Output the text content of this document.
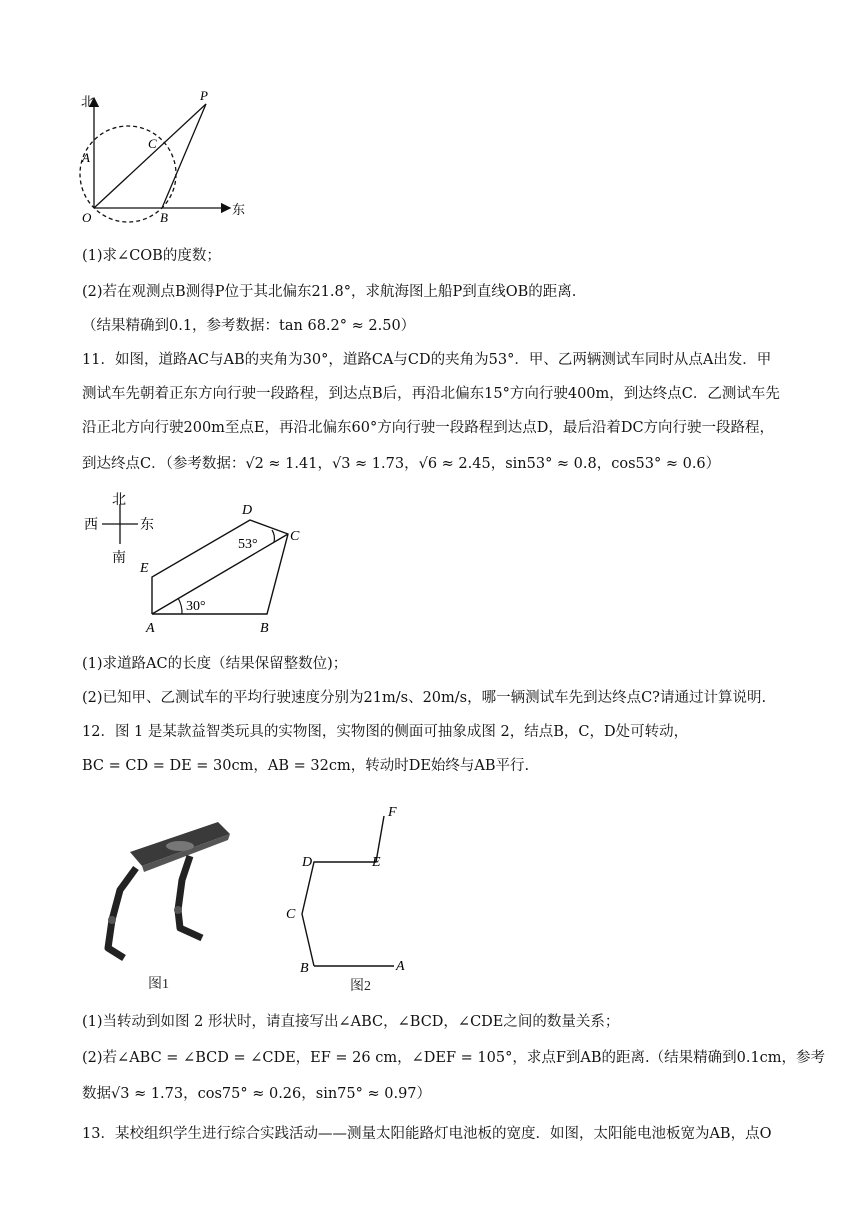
北
东
P
C
A
O	B
(1)求∠COB的度数；
(2)若在观测点B测得P位于其北偏东21.8°，求航海图上船P到直线OB的距离.
（结果精确到0.1，参考数据：tan 68.2° ≈ 2.50）
11．如图，道路AC与AB的夹角为30°，道路CA与CD的夹角为53°．甲、乙两辆测试车同时从点A出发．甲
测试车先朝着正东方向行驶一段路程，到达点B后，再沿北偏东15°方向行驶400m，到达终点C．乙测试车先
沿正北方向行驶200m至点E，再沿北偏东60°方向行驶一段路程到达点D，最后沿着DC方向行驶一段路程，
到达终点C．（参考数据：√2 ≈ 1.41，√3 ≈ 1.73，√6 ≈ 2.45，sin53° ≈ 0.8，cos53° ≈ 0.6）
北
南
西	东
D
C
E
A	B
53°
30°
(1)求道路AC的长度（结果保留整数位)；
(2)已知甲、乙测试车的平均行驶速度分别为21m/s、20m/s，哪一辆测试车先到达终点C?请通过计算说明.
12．图 1 是某款益智类玩具的实物图，实物图的侧面可抽象成图 2，结点B，C，D处可转动，
BC = CD = DE = 30cm，AB = 32cm，转动时DE始终与AB平行.
图1
F
D	E
C
B	A
图2
(1)当转动到如图 2 形状时，请直接写出∠ABC，∠BCD，∠CDE之间的数量关系；
(2)若∠ABC = ∠BCD = ∠CDE，EF = 26 cm，∠DEF = 105°，求点F到AB的距离.（结果精确到0.1cm，参考
数据√3 ≈ 1.73，cos75° ≈ 0.26，sin75° ≈ 0.97）
13．某校组织学生进行综合实践活动——测量太阳能路灯电池板的宽度．如图，太阳能电池板宽为AB，点O
